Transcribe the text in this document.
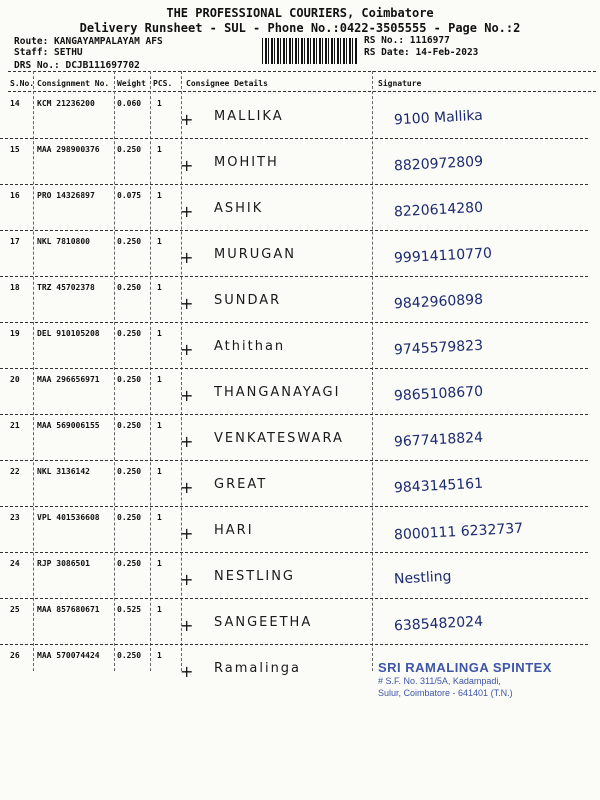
THE PROFESSIONAL COURIERS, Coimbatore
Delivery Runsheet - SUL - Phone No.:0422-3505555 - Page No.:2
Route: KANGAYAMPALAYAM AFS
Staff: SETHU
DRS No.: DCJB111697702
RS No.: 1116977
RS Date: 14-Feb-2023
S.No. Consignment No. Weight PCS. Consignee Details	Signature
14 KCM 21236200	0.060 1
+ MALLIKA	9100 Mallika
15 MAA 298900376 0.250 1
+ MOHITH	8820972809
16 PRO 14326897	0.075 1
+ ASHIK	8220614280
17 NKL 7810800	0.250 1
+ MURUGAN	99914110770
18 TRZ 45702378	0.250 1
+ SUNDAR	9842960898
19 DEL 910105208 0.250 1
+ Athithan	9745579823
20 MAA 296656971 0.250 1
+ THANGANAYAGI	9865108670
21 MAA 569006155 0.250 1
+ VENKATESWARA	9677418824
22 NKL 3136142	0.250 1
+ GREAT	9843145161
23 VPL 401536608 0.250 1
+ HARI	8000111 6232737
24 RJP 3086501	0.250 1
+ NESTLING	Nestling
25 MAA 857680671 0.525 1
+ SANGEETHA	6385482024
26 MAA 570074424 0.250 1
+ Ramalinga	SRI RAMALINGA SPINTEX
# S.F. No. 311/5A, Kadampadi,
Sulur, Coimbatore - 641401 (T.N.)
